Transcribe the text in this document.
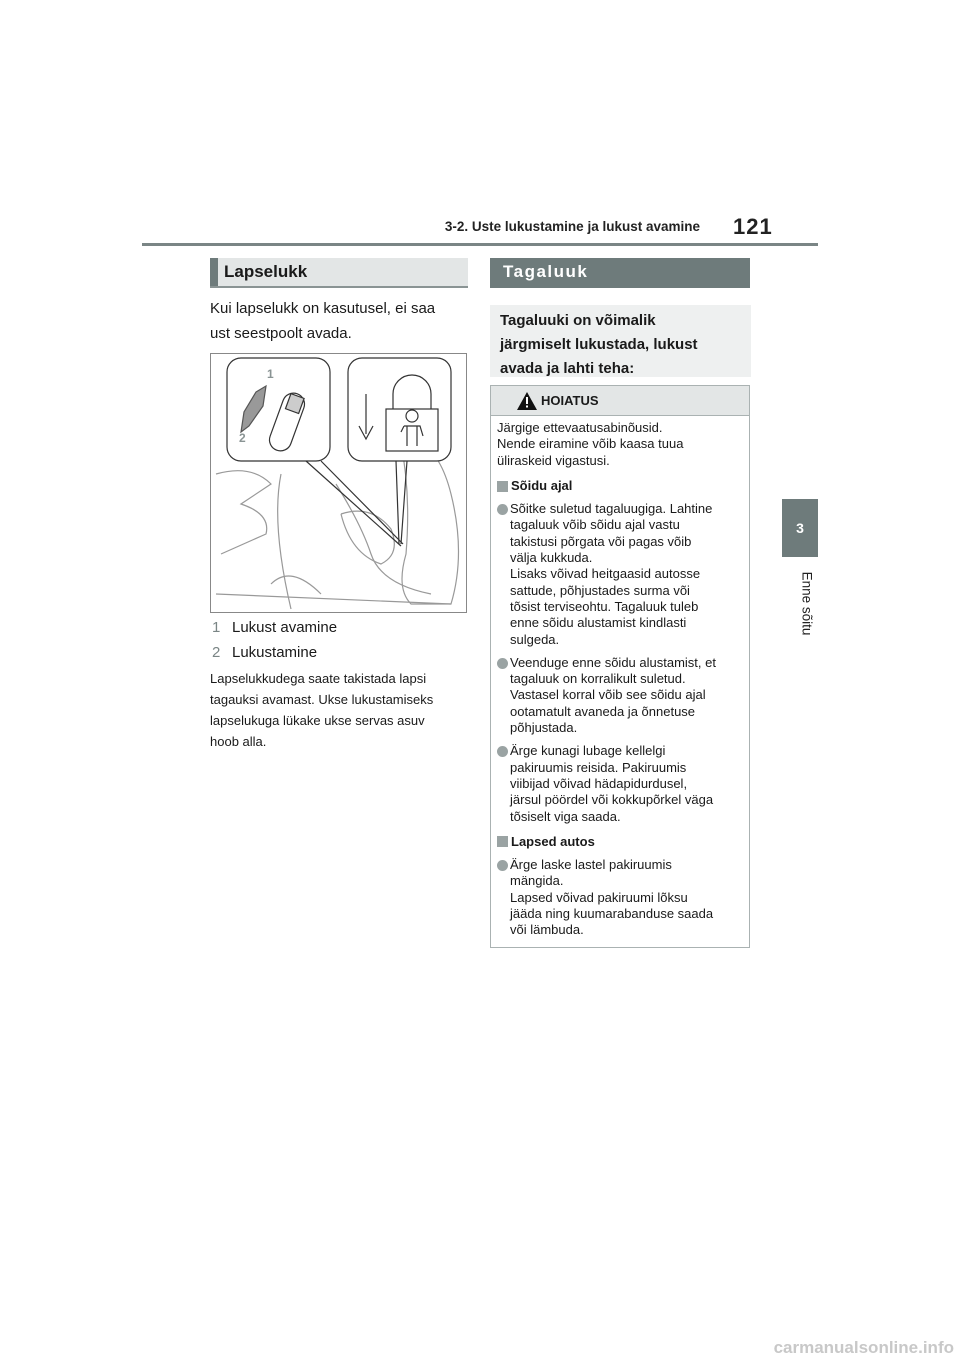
3-2. Uste lukustamine ja lukust avamine 121
3
Enne sõitu
Lapselukk
Kui lapselukk on kasutusel, ei saa
ust seestpoolt avada.
1
2
1 Lukust avamine
2 Lukustamine
Lapselukkudega saate takistada lapsi
tagauksi avamast. Ukse lukustamiseks
lapselukuga lükake ukse servas asuv
hoob alla.
Tagaluuk
Tagaluuki on võimalik
järgmiselt lukustada, lukust
avada ja lahti teha:
HOIATUS
Järgige ettevaatusabinõusid.
Nende eiramine võib kaasa tuua
üliraskeid vigastusi.
Sõidu ajal
Sõitke suletud tagaluugiga. Lahtine
tagaluuk võib sõidu ajal vastu
takistusi põrgata või pagas võib
välja kukkuda.
Lisaks võivad heitgaasid autosse
sattude, põhjustades surma või
tõsist terviseohtu. Tagaluuk tuleb
enne sõidu alustamist kindlasti
sulgeda.
Veenduge enne sõidu alustamist, et
tagaluuk on korralikult suletud.
Vastasel korral võib see sõidu ajal
ootamatult avaneda ja õnnetuse
põhjustada.
Ärge kunagi lubage kellelgi
pakiruumis reisida. Pakiruumis
viibijad võivad hädapidurdusel,
järsul pöördel või kokkupõrkel väga
tõsiselt viga saada.
Lapsed autos
Ärge laske lastel pakiruumis
mängida.
Lapsed võivad pakiruumi lõksu
jääda ning kuumarabanduse saada
või lämbuda.
carmanualsonline.info
